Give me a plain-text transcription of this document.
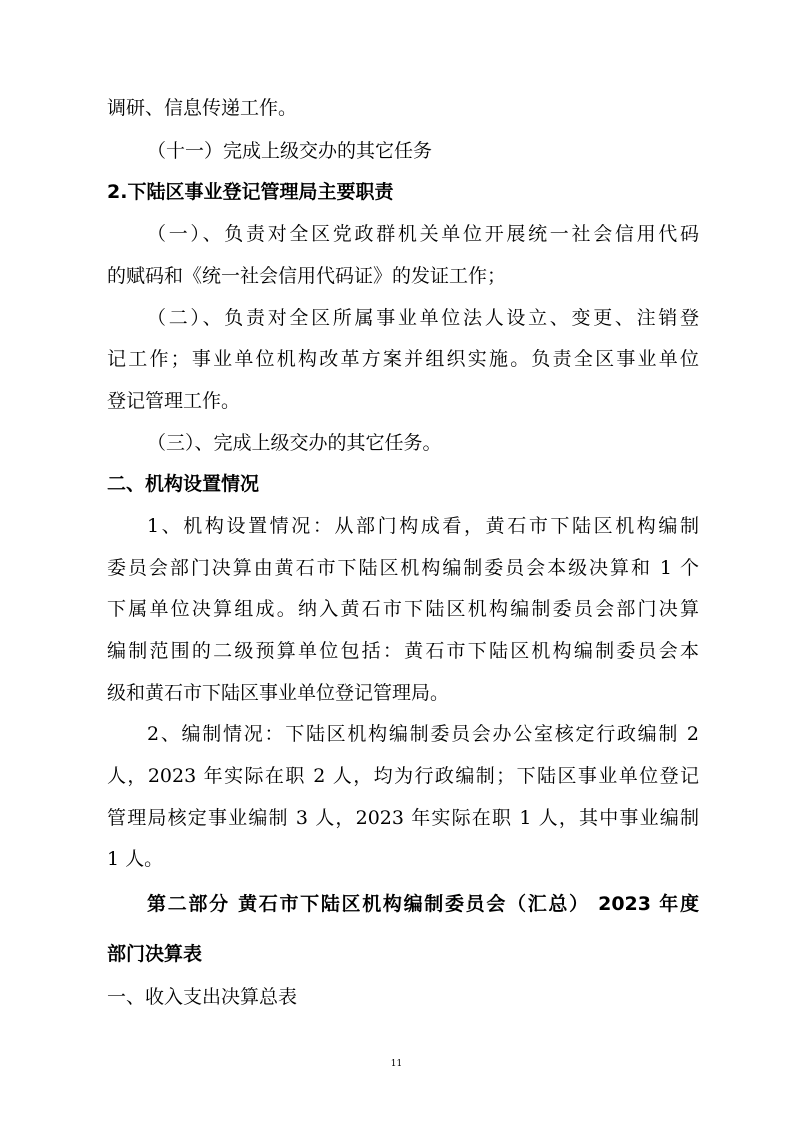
调研、信息传递工作。
（十一）完成上级交办的其它任务
2.下陆区事业登记管理局主要职责
（一）、负责对全区党政群机关单位开展统一社会信用代码
的赋码和《统一社会信用代码证》的发证工作；
（二）、负责对全区所属事业单位法人设立、变更、注销登
记工作；事业单位机构改革方案并组织实施。负责全区事业单位
登记管理工作。
（三）、完成上级交办的其它任务。
二、机构设置情况
1、机构设置情况：从部门构成看，黄石市下陆区机构编制
委员会部门决算由黄石市下陆区机构编制委员会本级决算和 1 个
下属单位决算组成。纳入黄石市下陆区机构编制委员会部门决算
编制范围的二级预算单位包括：黄石市下陆区机构编制委员会本
级和黄石市下陆区事业单位登记管理局。
2、编制情况：下陆区机构编制委员会办公室核定行政编制 2
人，2023 年实际在职 2 人，均为行政编制；下陆区事业单位登记
管理局核定事业编制 3 人，2023 年实际在职 1 人，其中事业编制
1 人。
第二部分 黄石市下陆区机构编制委员会（汇总） 2023 年度
部门决算表
一、收入支出决算总表
11
